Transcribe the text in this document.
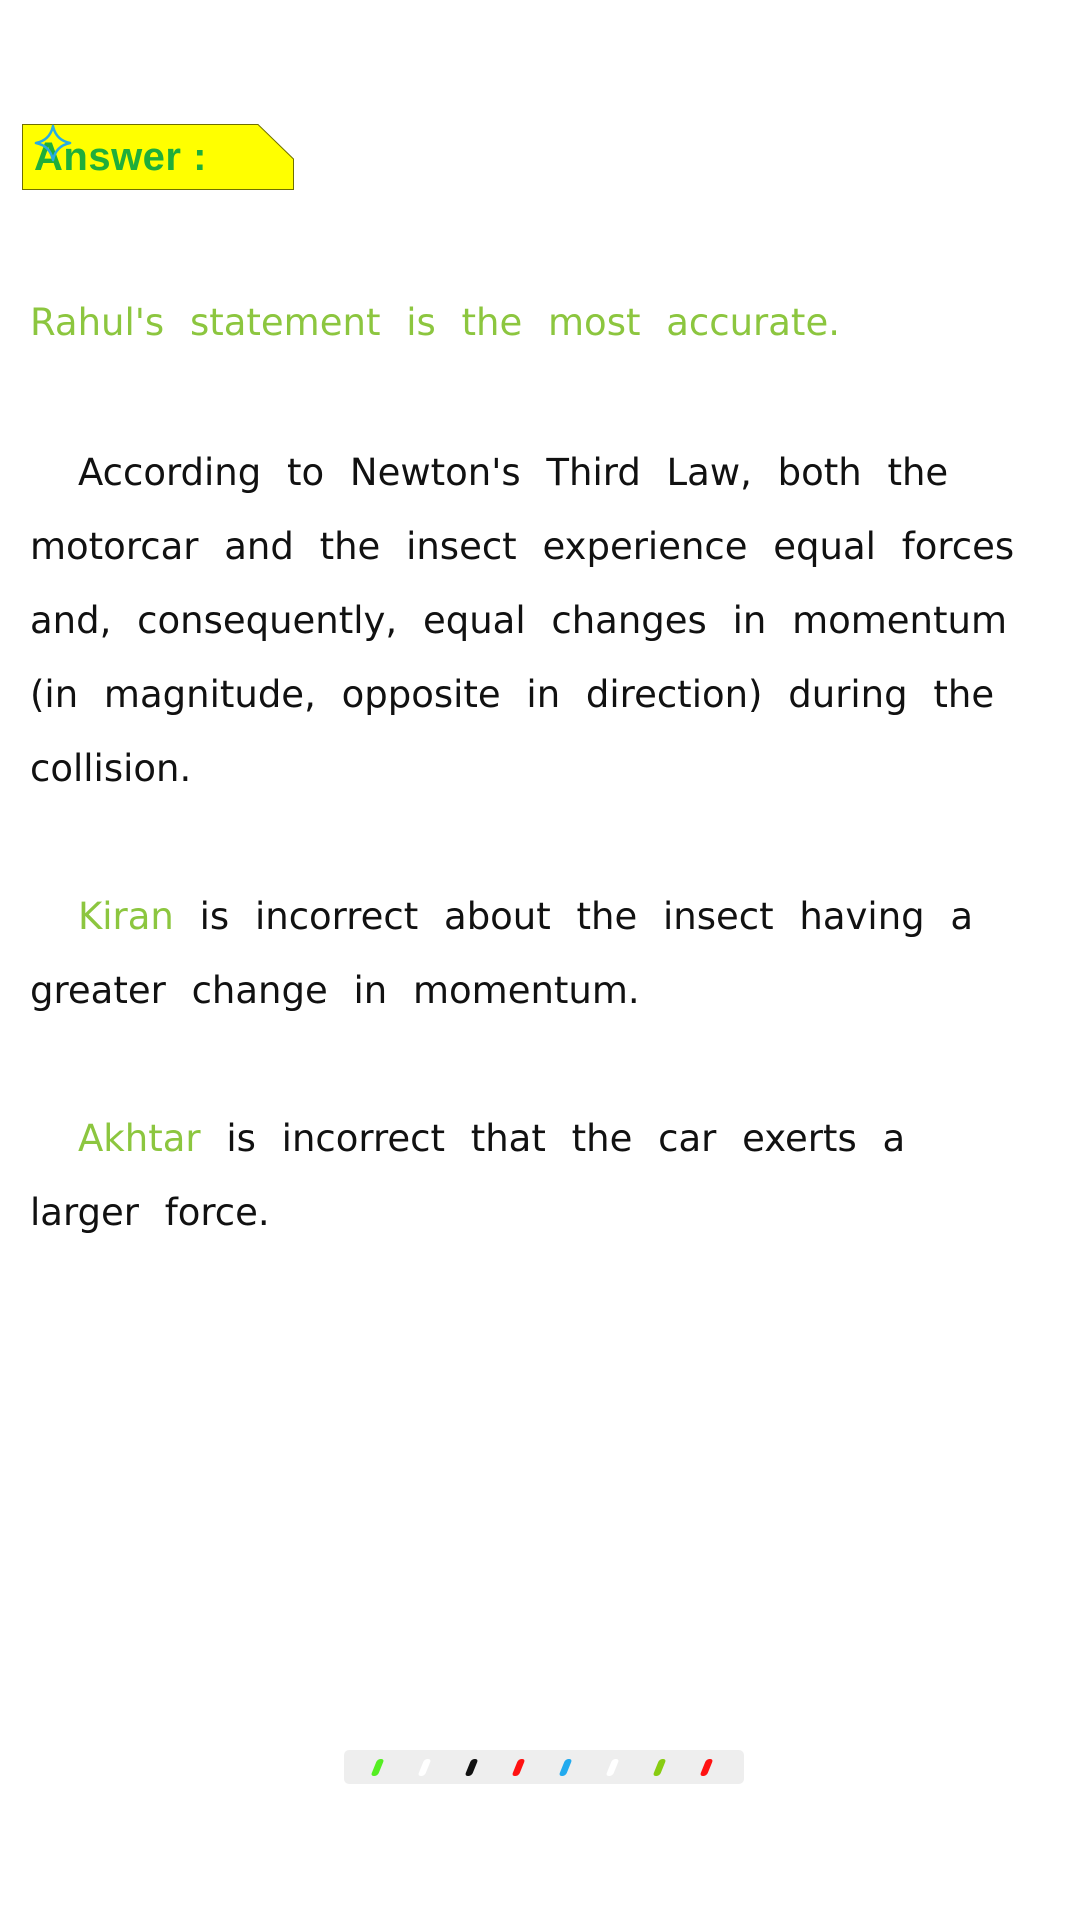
Answer :

Rahul's statement is the most accurate.

According to Newton's Third Law, both the motorcar and the insect experience equal forces and, consequently, equal changes in momentum (in magnitude, opposite in direction) during the collision.

Kiran is incorrect about the insect having a greater change in momentum.

Akhtar is incorrect that the car exerts a larger force.
